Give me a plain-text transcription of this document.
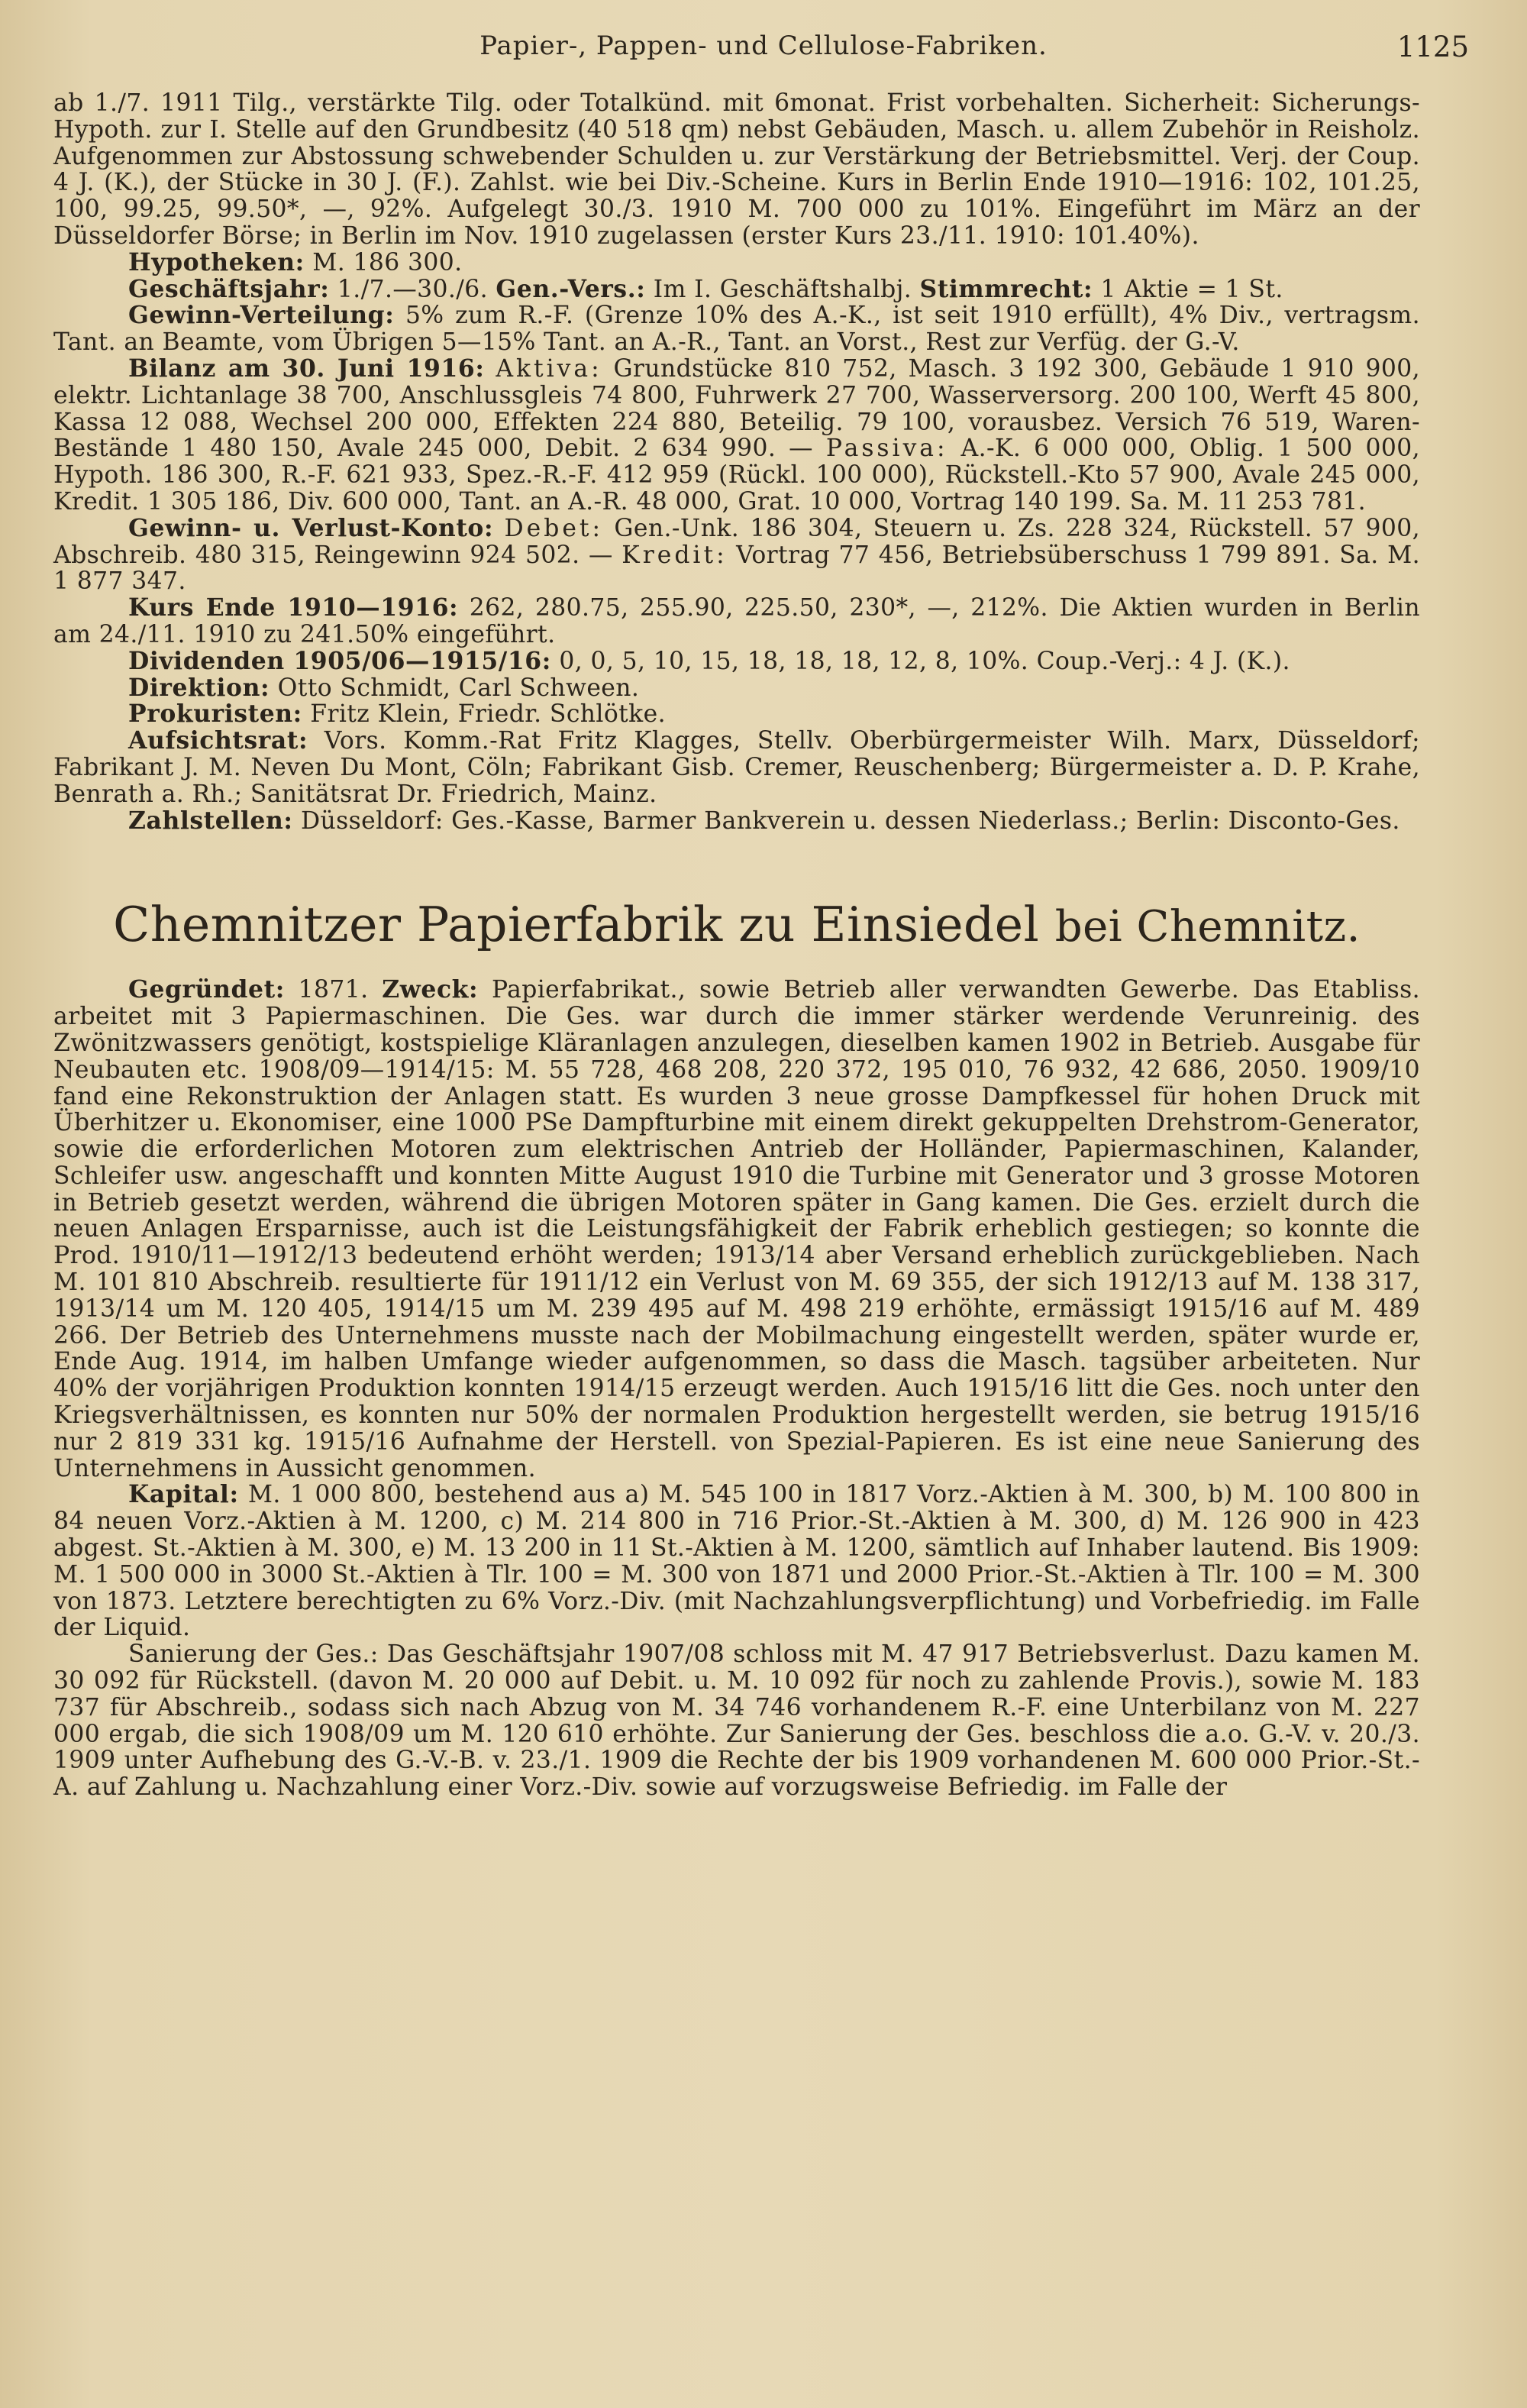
Papier-, Pappen- und Cellulose-Fabriken.	1125

ab 1./7. 1911 Tilg., verstärkte Tilg. oder Totalkünd. mit 6monat. Frist vorbehalten. Sicherheit: Sicherungs-Hypoth. zur I. Stelle auf den Grundbesitz (40 518 qm) nebst Gebäuden, Masch. u. allem Zubehör in Reisholz. Aufgenommen zur Abstossung schwebender Schulden u. zur Verstärkung der Betriebsmittel. Verj. der Coup. 4 J. (K.), der Stücke in 30 J. (F.). Zahlst. wie bei Div.-Scheine. Kurs in Berlin Ende 1910—1916: 102, 101.25, 100, 99.25, 99.50*, —, 92%. Aufgelegt 30./3. 1910 M. 700 000 zu 101%. Eingeführt im März an der Düsseldorfer Börse; in Berlin im Nov. 1910 zugelassen (erster Kurs 23./11. 1910: 101.40%).

Hypotheken: M. 186 300.

Geschäftsjahr: 1./7.—30./6. Gen.-Vers.: Im I. Geschäftshalbj. Stimmrecht: 1 Aktie = 1 St.

Gewinn-Verteilung: 5% zum R.-F. (Grenze 10% des A.-K., ist seit 1910 erfüllt), 4% Div., vertragsm. Tant. an Beamte, vom Übrigen 5—15% Tant. an A.-R., Tant. an Vorst., Rest zur Verfüg. der G.-V.

Bilanz am 30. Juni 1916: Aktiva: Grundstücke 810 752, Masch. 3 192 300, Gebäude 1 910 900, elektr. Lichtanlage 38 700, Anschlussgleis 74 800, Fuhrwerk 27 700, Wasserversorg. 200 100, Werft 45 800, Kassa 12 088, Wechsel 200 000, Effekten 224 880, Beteilig. 79 100, vorausbez. Versich 76 519, Waren-Bestände 1 480 150, Avale 245 000, Debit. 2 634 990. — Passiva: A.-K. 6 000 000, Oblig. 1 500 000, Hypoth. 186 300, R.-F. 621 933, Spez.-R.-F. 412 959 (Rückl. 100 000), Rückstell.-Kto 57 900, Avale 245 000, Kredit. 1 305 186, Div. 600 000, Tant. an A.-R. 48 000, Grat. 10 000, Vortrag 140 199. Sa. M. 11 253 781.

Gewinn- u. Verlust-Konto: Debet: Gen.-Unk. 186 304, Steuern u. Zs. 228 324, Rückstell. 57 900, Abschreib. 480 315, Reingewinn 924 502. — Kredit: Vortrag 77 456, Betriebsüberschuss 1 799 891. Sa. M. 1 877 347.

Kurs Ende 1910—1916: 262, 280.75, 255.90, 225.50, 230*, —, 212%. Die Aktien wurden in Berlin am 24./11. 1910 zu 241.50% eingeführt.

Dividenden 1905/06—1915/16: 0, 0, 5, 10, 15, 18, 18, 18, 12, 8, 10%. Coup.-Verj.: 4 J. (K.).

Direktion: Otto Schmidt, Carl Schween.

Prokuristen: Fritz Klein, Friedr. Schlötke.

Aufsichtsrat: Vors. Komm.-Rat Fritz Klagges, Stellv. Oberbürgermeister Wilh. Marx, Düsseldorf; Fabrikant J. M. Neven Du Mont, Cöln; Fabrikant Gisb. Cremer, Reuschenberg; Bürgermeister a. D. P. Krahe, Benrath a. Rh.; Sanitätsrat Dr. Friedrich, Mainz.

Zahlstellen: Düsseldorf: Ges.-Kasse, Barmer Bankverein u. dessen Niederlass.; Berlin: Disconto-Ges.

Chemnitzer Papierfabrik zu Einsiedel bei Chemnitz.

Gegründet: 1871. Zweck: Papierfabrikat., sowie Betrieb aller verwandten Gewerbe. Das Etabliss. arbeitet mit 3 Papiermaschinen. Die Ges. war durch die immer stärker werdende Verunreinig. des Zwönitzwassers genötigt, kostspielige Kläranlagen anzulegen, dieselben kamen 1902 in Betrieb. Ausgabe für Neubauten etc. 1908/09—1914/15: M. 55 728, 468 208, 220 372, 195 010, 76 932, 42 686, 2050. 1909/10 fand eine Rekonstruktion der Anlagen statt. Es wurden 3 neue grosse Dampfkessel für hohen Druck mit Überhitzer u. Ekonomiser, eine 1000 PSe Dampfturbine mit einem direkt gekuppelten Drehstrom-Generator, sowie die erforderlichen Motoren zum elektrischen Antrieb der Holländer, Papiermaschinen, Kalander, Schleifer usw. angeschafft und konnten Mitte August 1910 die Turbine mit Generator und 3 grosse Motoren in Betrieb gesetzt werden, während die übrigen Motoren später in Gang kamen. Die Ges. erzielt durch die neuen Anlagen Ersparnisse, auch ist die Leistungsfähigkeit der Fabrik erheblich gestiegen; so konnte die Prod. 1910/11—1912/13 bedeutend erhöht werden; 1913/14 aber Versand erheblich zurückgeblieben. Nach M. 101 810 Abschreib. resultierte für 1911/12 ein Verlust von M. 69 355, der sich 1912/13 auf M. 138 317, 1913/14 um M. 120 405, 1914/15 um M. 239 495 auf M. 498 219 erhöhte, ermässigt 1915/16 auf M. 489 266. Der Betrieb des Unternehmens musste nach der Mobilmachung eingestellt werden, später wurde er, Ende Aug. 1914, im halben Umfange wieder aufgenommen, so dass die Masch. tagsüber arbeiteten. Nur 40% der vorjährigen Produktion konnten 1914/15 erzeugt werden. Auch 1915/16 litt die Ges. noch unter den Kriegsverhältnissen, es konnten nur 50% der normalen Produktion hergestellt werden, sie betrug 1915/16 nur 2 819 331 kg. 1915/16 Aufnahme der Herstell. von Spezial-Papieren. Es ist eine neue Sanierung des Unternehmens in Aussicht genommen.

Kapital: M. 1 000 800, bestehend aus a) M. 545 100 in 1817 Vorz.-Aktien à M. 300, b) M. 100 800 in 84 neuen Vorz.-Aktien à M. 1200, c) M. 214 800 in 716 Prior.-St.-Aktien à M. 300, d) M. 126 900 in 423 abgest. St.-Aktien à M. 300, e) M. 13 200 in 11 St.-Aktien à M. 1200, sämtlich auf Inhaber lautend. Bis 1909: M. 1 500 000 in 3000 St.-Aktien à Tlr. 100 = M. 300 von 1871 und 2000 Prior.-St.-Aktien à Tlr. 100 = M. 300 von 1873. Letztere berechtigten zu 6% Vorz.-Div. (mit Nachzahlungsverpflichtung) und Vorbefriedig. im Falle der Liquid.

Sanierung der Ges.: Das Geschäftsjahr 1907/08 schloss mit M. 47 917 Betriebsverlust. Dazu kamen M. 30 092 für Rückstell. (davon M. 20 000 auf Debit. u. M. 10 092 für noch zu zahlende Provis.), sowie M. 183 737 für Abschreib., sodass sich nach Abzug von M. 34 746 vorhandenem R.-F. eine Unterbilanz von M. 227 000 ergab, die sich 1908/09 um M. 120 610 erhöhte. Zur Sanierung der Ges. beschloss die a.o. G.-V. v. 20./3. 1909 unter Aufhebung des G.-V.-B. v. 23./1. 1909 die Rechte der bis 1909 vorhandenen M. 600 000 Prior.-St.-A. auf Zahlung u. Nachzahlung einer Vorz.-Div. sowie auf vorzugsweise Befriedig. im Falle der
